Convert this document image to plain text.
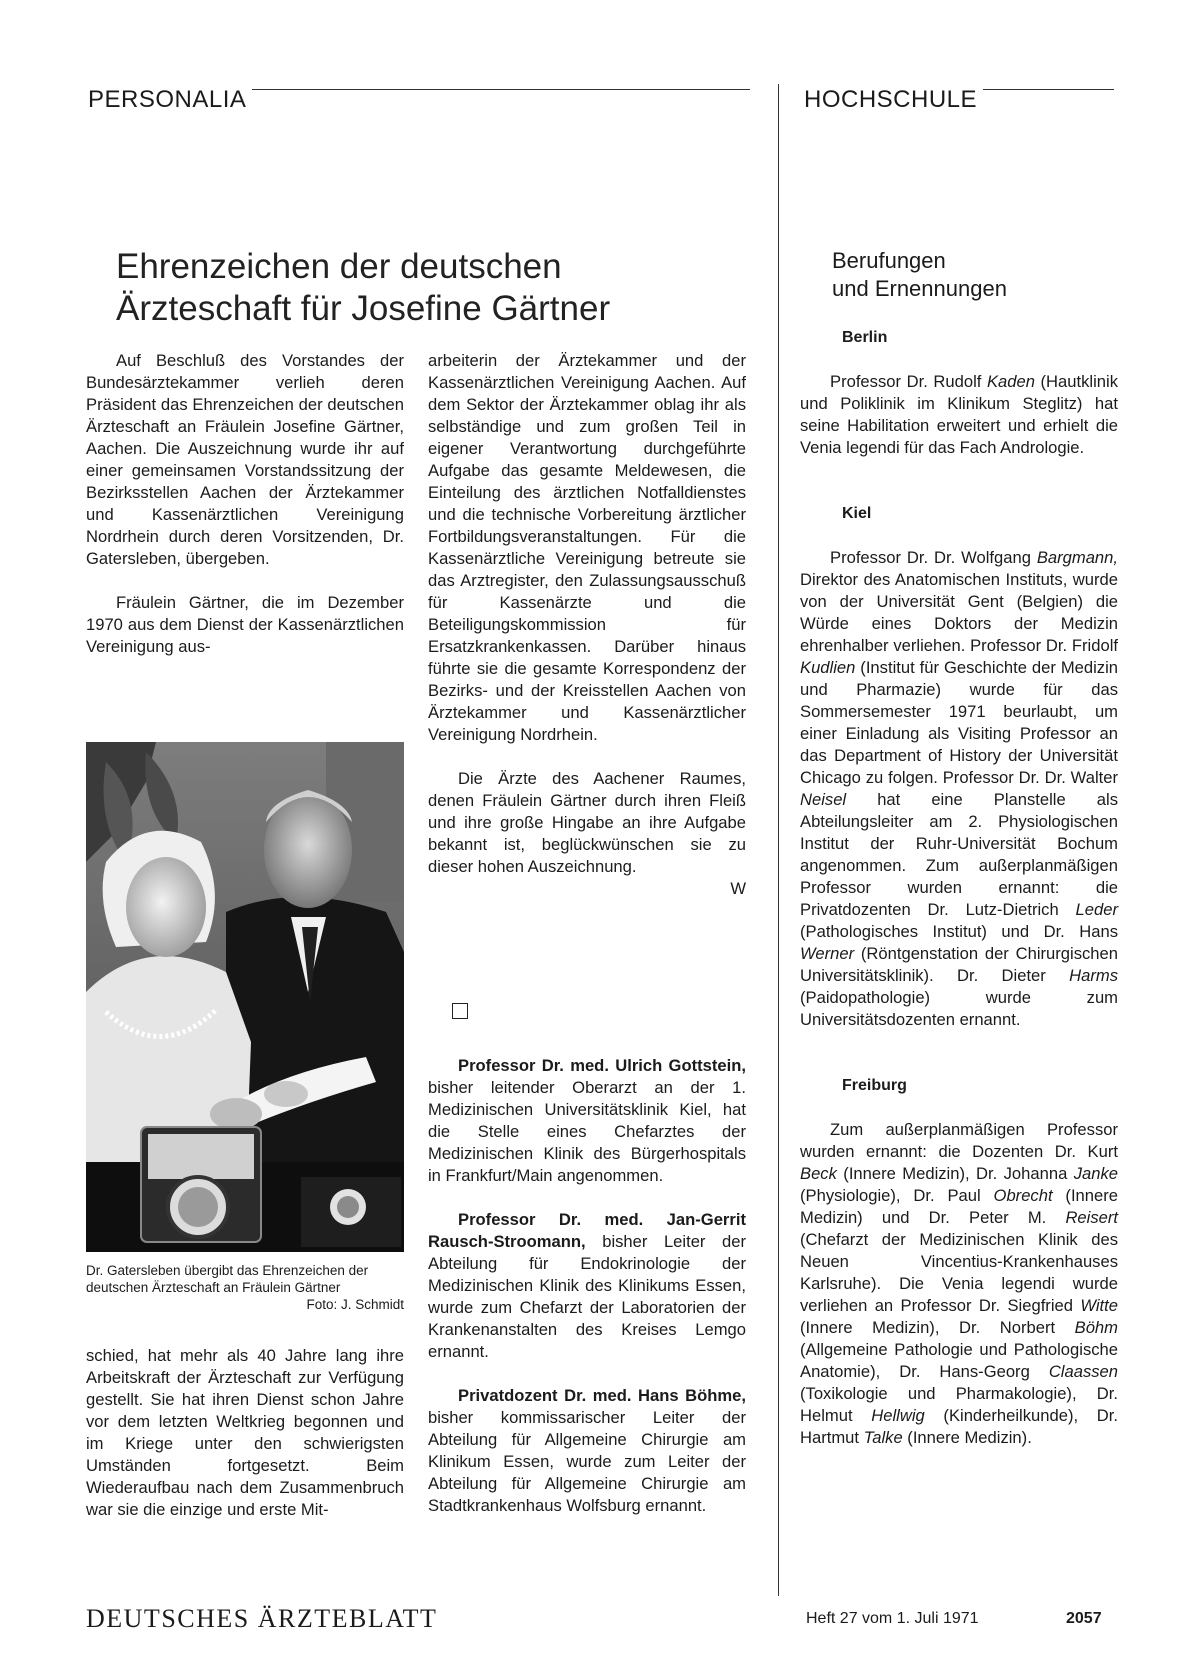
PERSONALIA	HOCHSCHULE
Ehrenzeichen der deutschen
Ärzteschaft für Josefine Gärtner

Auf Beschluß des Vorstandes der Bundesärztekammer verlieh deren Präsident das Ehrenzeichen der deutschen Ärzteschaft an Fräulein Josefine Gärtner, Aachen. Die Auszeichnung wurde ihr auf einer gemeinsamen Vorstandssitzung der Bezirksstellen Aachen der Ärztekammer und Kassenärztlichen Vereinigung Nordrhein durch deren Vorsitzenden, Dr. Gatersleben, übergeben.

Fräulein Gärtner, die im Dezember 1970 aus dem Dienst der Kassenärztlichen Vereinigung aus-

Dr. Gatersleben übergibt das Ehrenzeichen der deutschen Ärzteschaft an Fräulein Gärtner
Foto: J. Schmidt

schied, hat mehr als 40 Jahre lang ihre Arbeitskraft der Ärzteschaft zur Verfügung gestellt. Sie hat ihren Dienst schon Jahre vor dem letzten Weltkrieg begonnen und im Kriege unter den schwierigsten Umständen fortgesetzt. Beim Wiederaufbau nach dem Zusammenbruch war sie die einzige und erste Mit-

arbeiterin der Ärztekammer und der Kassenärztlichen Vereinigung Aachen. Auf dem Sektor der Ärztekammer oblag ihr als selbständige und zum großen Teil in eigener Verantwortung durchgeführte Aufgabe das gesamte Meldewesen, die Einteilung des ärztlichen Notfalldienstes und die technische Vorbereitung ärztlicher Fortbildungsveranstaltungen. Für die Kassenärztliche Vereinigung betreute sie das Arztregister, den Zulassungsausschuß für Kassenärzte und die Beteiligungskommission für Ersatzkrankenkassen. Darüber hinaus führte sie die gesamte Korrespondenz der Bezirks- und der Kreisstellen Aachen von Ärztekammer und Kassenärztlicher Vereinigung Nordrhein.

Die Ärzte des Aachener Raumes, denen Fräulein Gärtner durch ihren Fleiß und ihre große Hingabe an ihre Aufgabe bekannt ist, beglückwünschen sie zu dieser hohen Auszeichnung.

W

Professor Dr. med. Ulrich Gottstein, bisher leitender Oberarzt an der 1. Medizinischen Universitätsklinik Kiel, hat die Stelle eines Chefarztes der Medizinischen Klinik des Bürgerhospitals in Frankfurt/Main angenommen.

Professor Dr. med. Jan-Gerrit Rausch-Stroomann, bisher Leiter der Abteilung für Endokrinologie der Medizinischen Klinik des Klinikums Essen, wurde zum Chefarzt der Laboratorien der Krankenanstalten des Kreises Lemgo ernannt.

Privatdozent Dr. med. Hans Böhme, bisher kommissarischer Leiter der Abteilung für Allgemeine Chirurgie am Klinikum Essen, wurde zum Leiter der Abteilung für Allgemeine Chirurgie am Stadtkrankenhaus Wolfsburg ernannt.

Berufungen
und Ernennungen
Berlin

Professor Dr. Rudolf Kaden (Hautklinik und Poliklinik im Klinikum Steglitz) hat seine Habilitation erweitert und erhielt die Venia legendi für das Fach Andrologie.

Kiel

Professor Dr. Dr. Wolfgang Bargmann, Direktor des Anatomischen Instituts, wurde von der Universität Gent (Belgien) die Würde eines Doktors der Medizin ehrenhalber verliehen. Professor Dr. Fridolf Kudlien (Institut für Geschichte der Medizin und Pharmazie) wurde für das Sommersemester 1971 beurlaubt, um einer Einladung als Visiting Professor an das Department of History der Universität Chicago zu folgen. Professor Dr. Dr. Walter Neisel hat eine Planstelle als Abteilungsleiter am 2. Physiologischen Institut der Ruhr-Universität Bochum angenommen. Zum außerplanmäßigen Professor wurden ernannt: die Privatdozenten Dr. Lutz-Dietrich Leder (Pathologisches Institut) und Dr. Hans Werner (Röntgenstation der Chirurgischen Universitätsklinik). Dr. Dieter Harms (Paidopathologie) wurde zum Universitätsdozenten ernannt.

Freiburg

Zum außerplanmäßigen Professor wurden ernannt: die Dozenten Dr. Kurt Beck (Innere Medizin), Dr. Johanna Janke (Physiologie), Dr. Paul Obrecht (Innere Medizin) und Dr. Peter M. Reisert (Chefarzt der Medizinischen Klinik des Neuen Vincentius-Krankenhauses Karlsruhe). Die Venia legendi wurde verliehen an Professor Dr. Siegfried Witte (Innere Medizin), Dr. Norbert Böhm (Allgemeine Pathologie und Pathologische Anatomie), Dr. Hans-Georg Claassen (Toxikologie und Pharmakologie), Dr. Helmut Hellwig (Kinderheilkunde), Dr. Hartmut Talke (Innere Medizin).

DEUTSCHES ÄRZTEBLATT	Heft 27 vom 1. Juli 1971	2057
